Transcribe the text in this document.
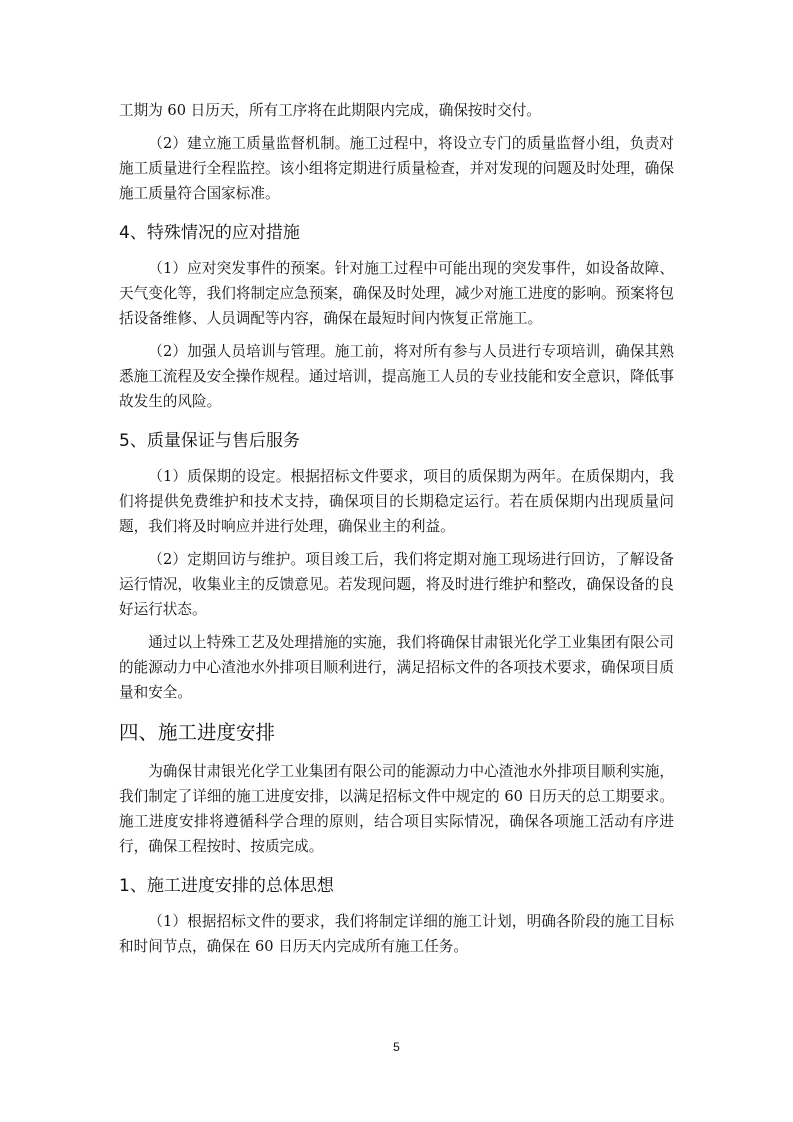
工期为 60 日历天，所有工序将在此期限内完成，确保按时交付。

（2）建立施工质量监督机制。施工过程中，将设立专门的质量监督小组，负责对施工质量进行全程监控。该小组将定期进行质量检查，并对发现的问题及时处理，确保施工质量符合国家标准。

4、特殊情况的应对措施

（1）应对突发事件的预案。针对施工过程中可能出现的突发事件，如设备故障、天气变化等，我们将制定应急预案，确保及时处理，减少对施工进度的影响。预案将包括设备维修、人员调配等内容，确保在最短时间内恢复正常施工。

（2）加强人员培训与管理。施工前，将对所有参与人员进行专项培训，确保其熟悉施工流程及安全操作规程。通过培训，提高施工人员的专业技能和安全意识，降低事故发生的风险。

5、质量保证与售后服务

（1）质保期的设定。根据招标文件要求，项目的质保期为两年。在质保期内，我们将提供免费维护和技术支持，确保项目的长期稳定运行。若在质保期内出现质量问题，我们将及时响应并进行处理，确保业主的利益。

（2）定期回访与维护。项目竣工后，我们将定期对施工现场进行回访，了解设备运行情况，收集业主的反馈意见。若发现问题，将及时进行维护和整改，确保设备的良好运行状态。

通过以上特殊工艺及处理措施的实施，我们将确保甘肃银光化学工业集团有限公司的能源动力中心渣池水外排项目顺利进行，满足招标文件的各项技术要求，确保项目质量和安全。

四、施工进度安排

为确保甘肃银光化学工业集团有限公司的能源动力中心渣池水外排项目顺利实施，我们制定了详细的施工进度安排，以满足招标文件中规定的 60 日历天的总工期要求。施工进度安排将遵循科学合理的原则，结合项目实际情况，确保各项施工活动有序进行，确保工程按时、按质完成。

1、施工进度安排的总体思想

（1）根据招标文件的要求，我们将制定详细的施工计划，明确各阶段的施工目标和时间节点，确保在 60 日历天内完成所有施工任务。

5
